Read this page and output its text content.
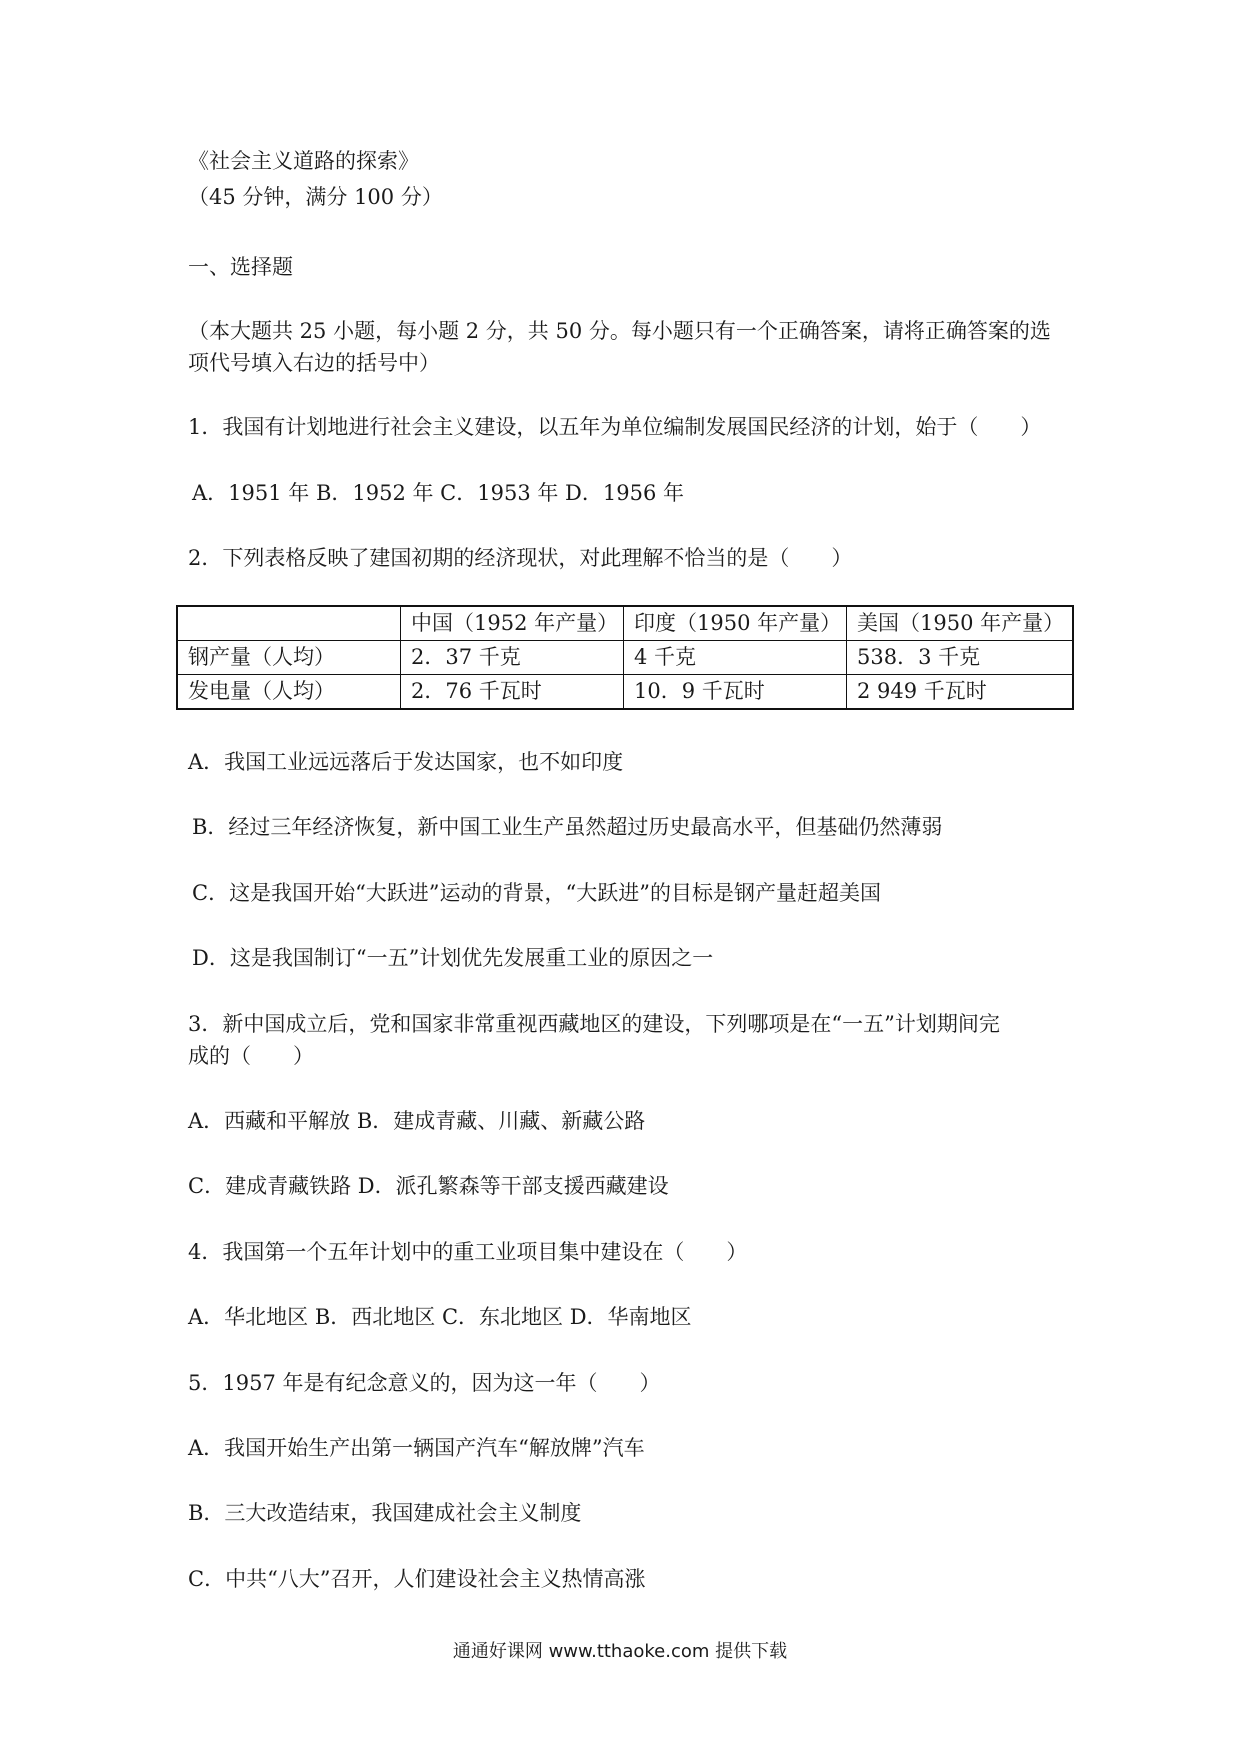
《社会主义道路的探索》
（45 分钟，满分 100 分）
一、选择题
（本大题共 25 小题，每小题 2 分，共 50 分。每小题只有一个正确答案，请将正确答案的选
项代号填入右边的括号中）
1．我国有计划地进行社会主义建设，以五年为单位编制发展国民经济的计划，始于（　　）
A．1951 年 B．1952 年 C．1953 年 D．1956 年
2．下列表格反映了建国初期的经济现状，对此理解不恰当的是（　　）
	中国（1952 年产量）	印度（1950 年产量）	美国（1950 年产量）
钢产量（人均）	2．37 千克	4 千克	538．3 千克
发电量（人均）	2．76 千瓦时	10．9 千瓦时	2 949 千瓦时
A．我国工业远远落后于发达国家，也不如印度
B．经过三年经济恢复，新中国工业生产虽然超过历史最高水平，但基础仍然薄弱
C．这是我国开始“大跃进”运动的背景，“大跃进”的目标是钢产量赶超美国
D．这是我国制订“一五”计划优先发展重工业的原因之一
3．新中国成立后，党和国家非常重视西藏地区的建设，下列哪项是在“一五”计划期间完
成的（　　）
A．西藏和平解放 B．建成青藏、川藏、新藏公路
C．建成青藏铁路 D．派孔繁森等干部支援西藏建设
4．我国第一个五年计划中的重工业项目集中建设在（　　）
A．华北地区 B．西北地区 C．东北地区 D．华南地区
5．1957 年是有纪念意义的，因为这一年（　　）
A．我国开始生产出第一辆国产汽车“解放牌”汽车
B．三大改造结束，我国建成社会主义制度
C．中共“八大”召开，人们建设社会主义热情高涨
通通好课网 www.tthaoke.com 提供下载
